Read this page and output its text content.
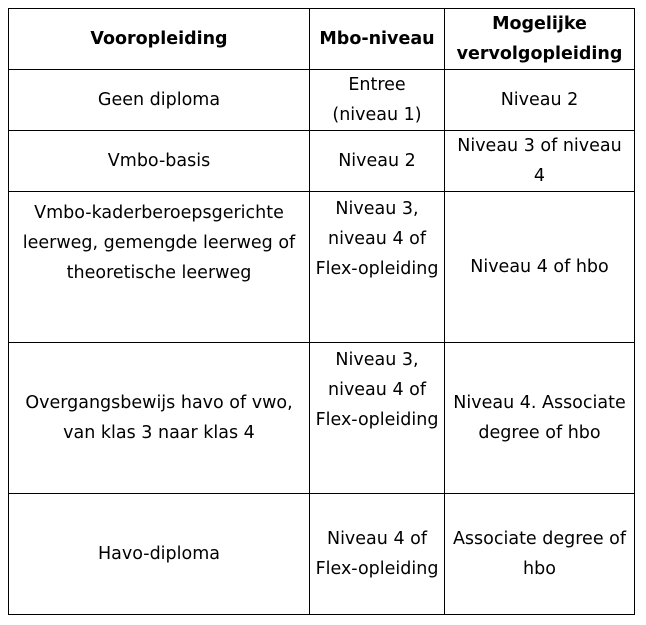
Vooropleiding	Mbo-niveau	Mogelijke vervolgopleiding
Geen diploma	Entree (niveau 1)	Niveau 2
Vmbo-basis	Niveau 2	Niveau 3 of niveau 4
Vmbo-kaderberoepsgerichte leerweg, gemengde leerweg of theoretische leerweg	Niveau 3, niveau 4 of Flex-opleiding	Niveau 4 of hbo
Overgangsbewijs havo of vwo, van klas 3 naar klas 4	Niveau 3, niveau 4 of Flex-opleiding	Niveau 4. Associate degree of hbo
Havo-diploma	Niveau 4 of Flex-opleiding	Associate degree of hbo
